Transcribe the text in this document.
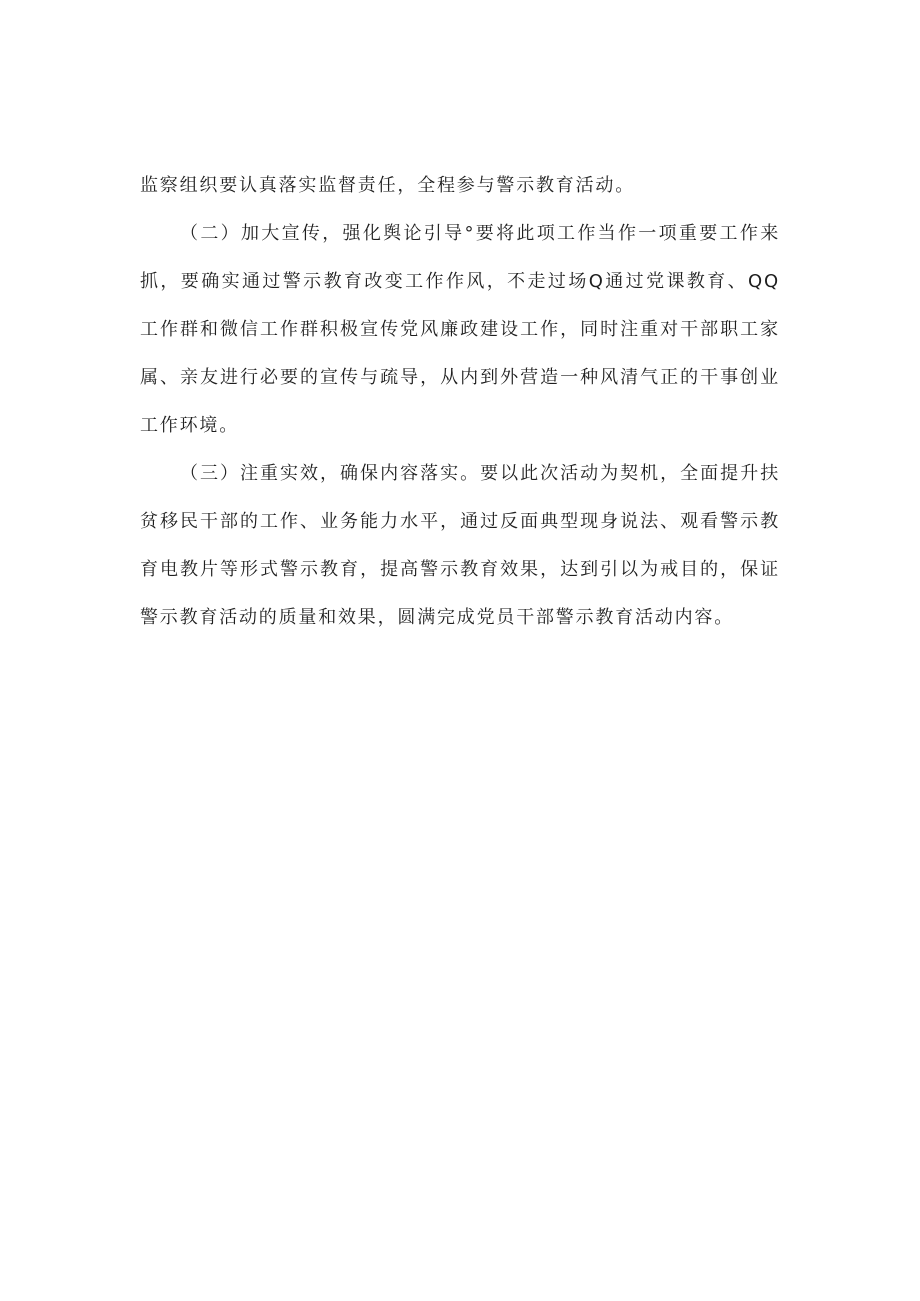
监察组织要认真落实监督责任，全程参与警示教育活动。
（二）加大宣传，强化舆论引导°要将此项工作当作一项重要工作来
抓，要确实通过警示教育改变工作作风，不走过场Q通过党课教育、QQ
工作群和微信工作群积极宣传党风廉政建设工作，同时注重对干部职工家
属、亲友进行必要的宣传与疏导，从内到外营造一种风清气正的干事创业
工作环境。
（三）注重实效，确保内容落实。要以此次活动为契机，全面提升扶
贫移民干部的工作、业务能力水平，通过反面典型现身说法、观看警示教
育电教片等形式警示教育，提高警示教育效果，达到引以为戒目的，保证
警示教育活动的质量和效果，圆满完成党员干部警示教育活动内容。
